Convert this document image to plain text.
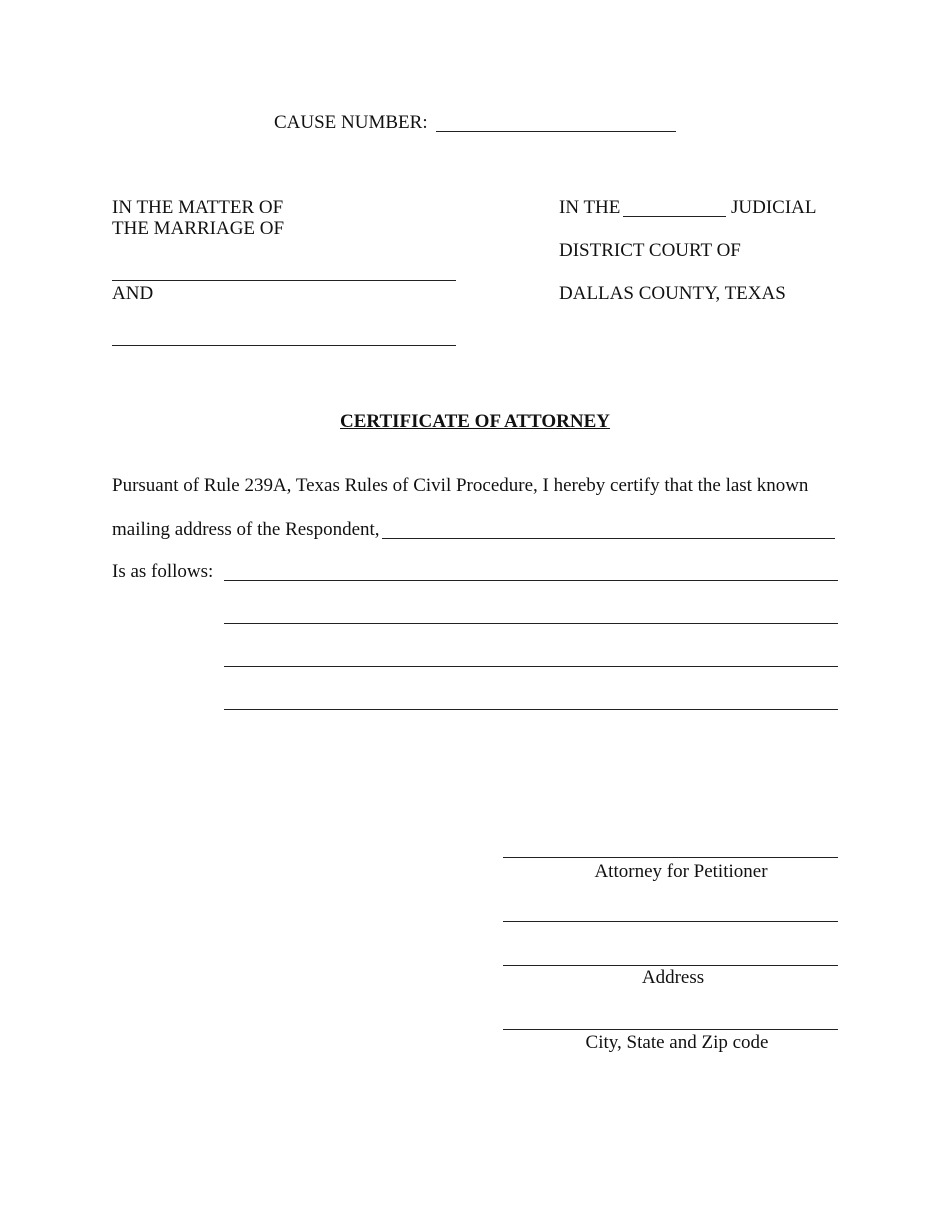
CAUSE NUMBER:
IN THE MATTER OF
THE MARRIAGE OF
AND
IN THE	JUDICIAL
DISTRICT COURT OF
DALLAS COUNTY, TEXAS
CERTIFICATE OF ATTORNEY
Pursuant of Rule 239A, Texas Rules of Civil Procedure, I hereby certify that the last known
mailing address of the Respondent,
Is as follows:
Attorney for Petitioner
Address
City, State and Zip code
